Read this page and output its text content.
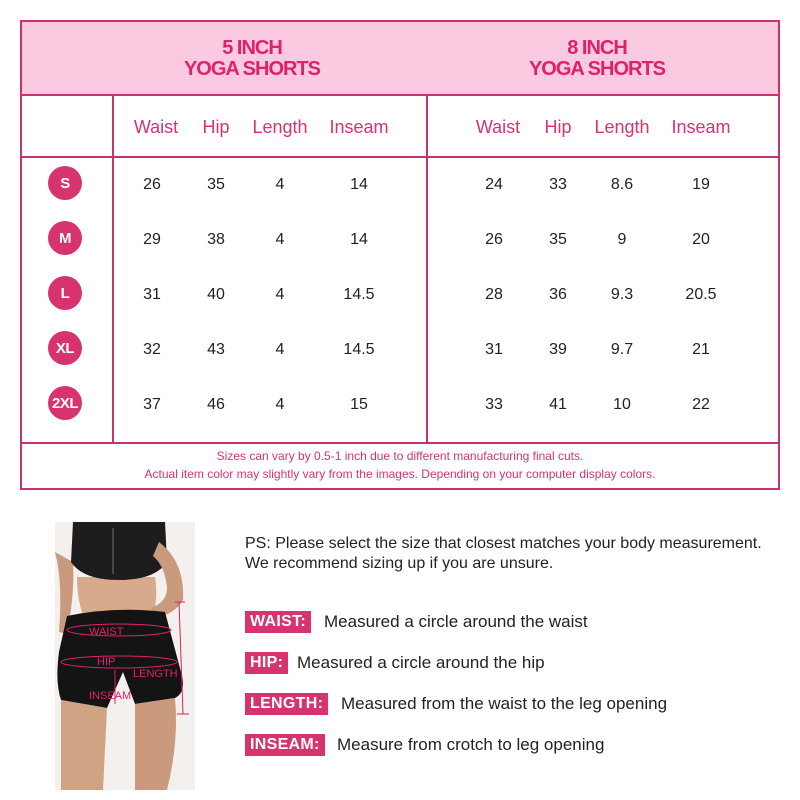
5 INCH
YOGA SHORTS
8 INCH
YOGA SHORTS
Waist Hip Length Inseam	Waist Hip Length Inseam
S	26	35	4	14	24	33	8.6	19
M	29	38	4	14	26	35	9	20
L	31	40	4	14.5	28	36	9.3	20.5
XL	32	43	4	14.5	31	39	9.7	21
2XL	37	46	4	15	33	41	10	22
Sizes can vary by 0.5-1 inch due to different manufacturing final cuts.
Actual item color may slightly vary from the images. Depending on your computer display colors.
WAIST
HIP
LENGTH
INSEAM
PS: Please select the size that closest matches your body measurement.
We recommend sizing up if you are unsure.
WAIST: Measured a circle around the waist
HIP: Measured a circle around the hip
LENGTH: Measured from the waist to the leg opening
INSEAM: Measure from crotch to leg opening
